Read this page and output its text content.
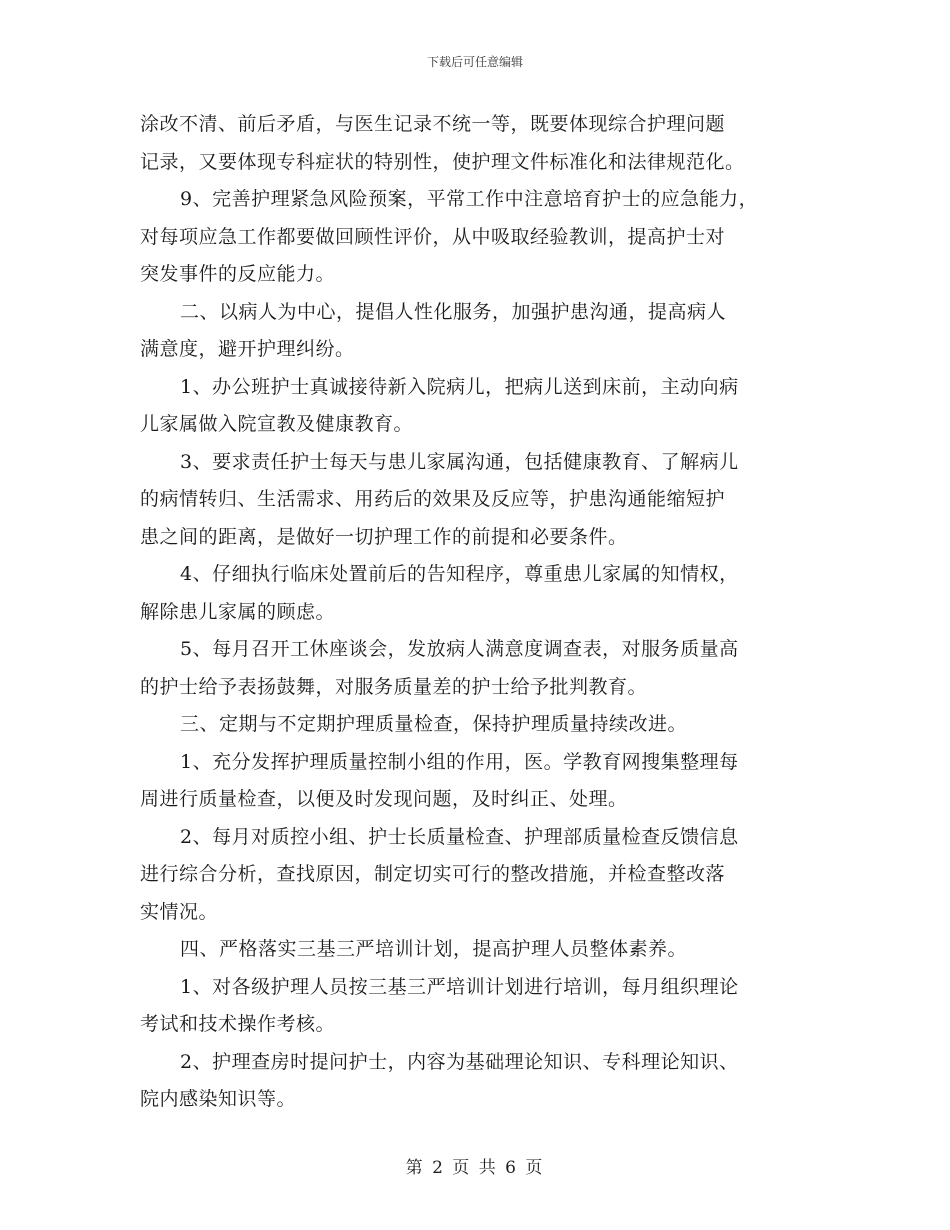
下载后可任意编辑

涂改不清、前后矛盾，与医生记录不统一等，既要体现综合护理问题
记录，又要体现专科症状的特别性，使护理文件标准化和法律规范化。

9、完善护理紧急风险预案，平常工作中注意培育护士的应急能力，
对每项应急工作都要做回顾性评价，从中吸取经验教训，提高护士对
突发事件的反应能力。

二、以病人为中心，提倡人性化服务，加强护患沟通，提高病人
满意度，避开护理纠纷。

1、办公班护士真诚接待新入院病儿，把病儿送到床前，主动向病
儿家属做入院宣教及健康教育。

3、要求责任护士每天与患儿家属沟通，包括健康教育、了解病儿
的病情转归、生活需求、用药后的效果及反应等，护患沟通能缩短护
患之间的距离，是做好一切护理工作的前提和必要条件。

4、仔细执行临床处置前后的告知程序，尊重患儿家属的知情权，
解除患儿家属的顾虑。

5、每月召开工休座谈会，发放病人满意度调查表，对服务质量高
的护士给予表扬鼓舞，对服务质量差的护士给予批判教育。

三、定期与不定期护理质量检查，保持护理质量持续改进。

1、充分发挥护理质量控制小组的作用，医。学教育网搜集整理每
周进行质量检查，以便及时发现问题，及时纠正、处理。

2、每月对质控小组、护士长质量检查、护理部质量检查反馈信息
进行综合分析，查找原因，制定切实可行的整改措施，并检查整改落
实情况。

四、严格落实三基三严培训计划，提高护理人员整体素养。

1、对各级护理人员按三基三严培训计划进行培训，每月组织理论
考试和技术操作考核。

2、护理查房时提问护士，内容为基础理论知识、专科理论知识、
院内感染知识等。

第 2 页 共 6 页
